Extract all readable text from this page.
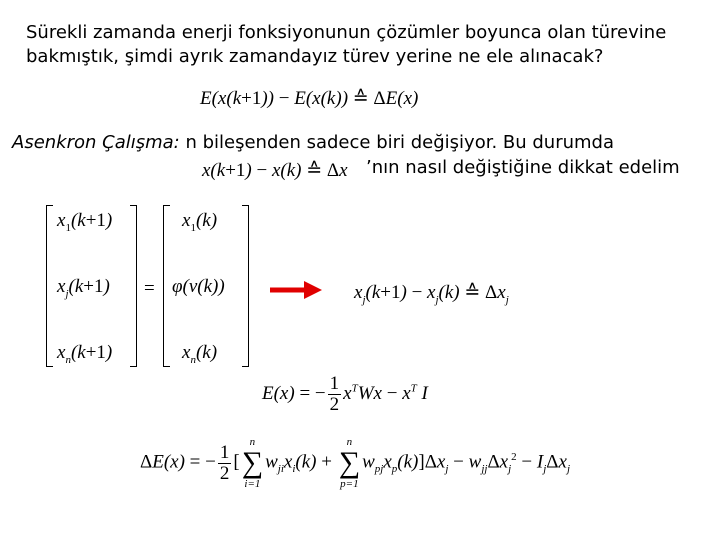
Sürekli zamanda enerji fonksiyonunun çözümler boyunca olan türevine
bakmıştık, şimdi ayrık zamandayız türev yerine ne ele alınacak?
E(x(k+1)) − E(x(k)) ≙ ΔE(x)
Asenkron Çalışma: n bileşenden sadece biri değişiyor. Bu durumda
x(k+1) − x(k) ≙ Δx ’nın nasıl değiştiğine dikkat edelim
$x_1(k+1)$
$x_j(k+1)$
$x_n(k+1)$
=
$x_1(k)$
φ(v(k))
$x_n(k)$
$x_j(k+1) - x_j(k)$ ≙ $\Delta x_j$
E(x) = − $\frac{1}{2} x^TWx - x^T$ I
ΔE(x) = − $\frac{1}{2}$ [
n
∑
i=1
$w_{ji}x_i(k)$ +
n
∑
p=1
$w_{pj}x_p(k)]\Delta x_j - w_{jj}\Delta x_j^2 - I_j\Delta x_j$
